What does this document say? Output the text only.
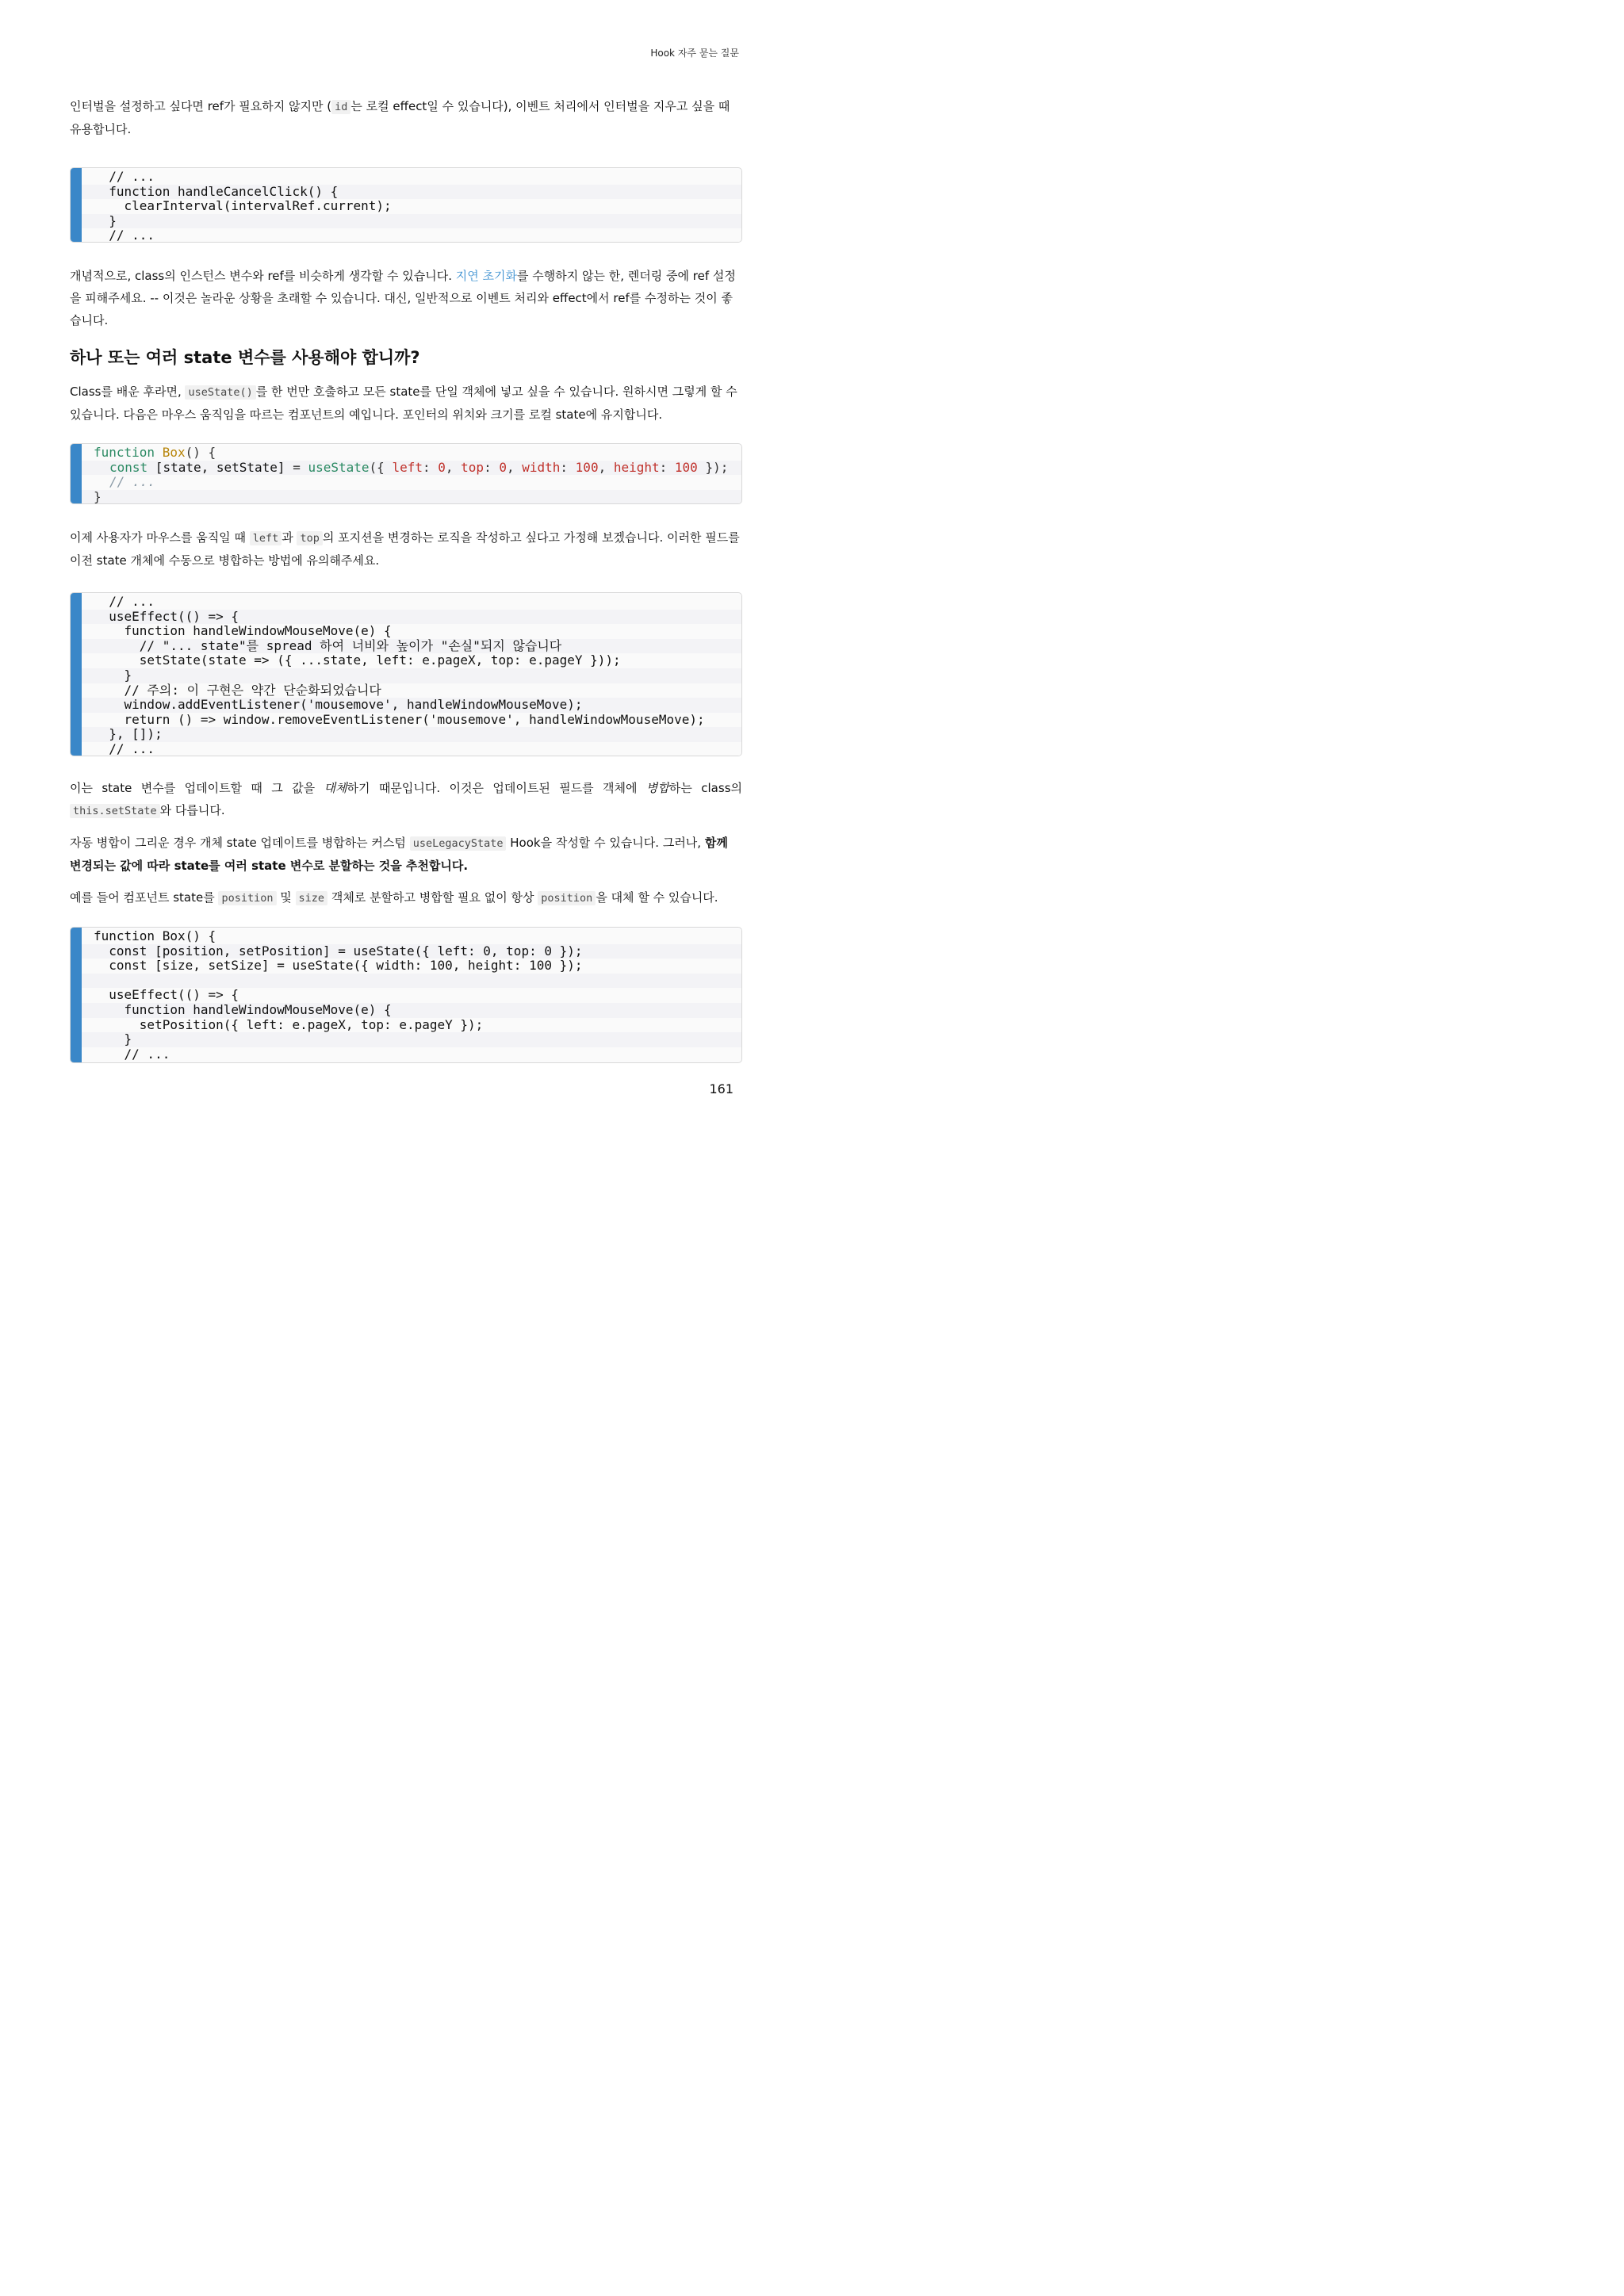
Hook 자주 묻는 질문

인터벌을 설정하고 싶다면 ref가 필요하지 않지만 ( id 는 로컬 effect일 수 있습니다), 이벤트 처리에서 인터벌을 지우고 싶을 때 유용합니다.

// ...
function handleCancelClick() {
clearInterval(intervalRef.current);
}
// ...

개념적으로, class의 인스턴스 변수와 ref를 비슷하게 생각할 수 있습니다. 지연 초기화를 수행하지 않는 한, 렌더링 중에 ref 설정을 피해주세요. -- 이것은 놀라운 상황을 초래할 수 있습니다. 대신, 일반적으로 이벤트 처리와 effect에서 ref를 수정하는 것이 좋습니다.

하나 또는 여러 state 변수를 사용해야 합니까?

Class를 배운 후라면, useState() 를 한 번만 호출하고 모든 state를 단일 객체에 넣고 싶을 수 있습니다. 원하시면 그렇게 할 수 있습니다. 다음은 마우스 움직임을 따르는 컴포넌트의 예입니다. 포인터의 위치와 크기를 로컬 state에 유지합니다.

function Box() {
const [state, setState] = useState({ left: 0, top: 0, width: 100, height: 100 });
// ...
}

이제 사용자가 마우스를 움직일 때 left 과 top 의 포지션을 변경하는 로직을 작성하고 싶다고 가정해 보겠습니다. 이러한 필드를 이전 state 개체에 수동으로 병합하는 방법에 유의해주세요.

// ...
useEffect(() => {
function handleWindowMouseMove(e) {
// "... state"를 spread 하여 너비와 높이가 "손실"되지 않습니다
setState(state => ({ ...state, left: e.pageX, top: e.pageY }));
}
// 주의: 이 구현은 약간 단순화되었습니다
window.addEventListener('mousemove', handleWindowMouseMove);
return () => window.removeEventListener('mousemove', handleWindowMouseMove);
}, []);
// ...

이는 state 변수를 업데이트할 때 그 값을 대체하기 때문입니다. 이것은 업데이트된 필드를 객체에 병합하는 class의 this.setState 와 다릅니다.

자동 병합이 그리운 경우 개체 state 업데이트를 병합하는 커스텀 useLegacyState Hook을 작성할 수 있습니다. 그러나, 함께 변경되는 값에 따라 state를 여러 state 변수로 분할하는 것을 추천합니다.

예를 들어 컴포넌트 state를 position 및 size 객체로 분할하고 병합할 필요 없이 항상 position 을 대체 할 수 있습니다.

function Box() {
const [position, setPosition] = useState({ left: 0, top: 0 });
const [size, setSize] = useState({ width: 100, height: 100 });

useEffect(() => {
function handleWindowMouseMove(e) {
setPosition({ left: e.pageX, top: e.pageY });
}
// ...
161
